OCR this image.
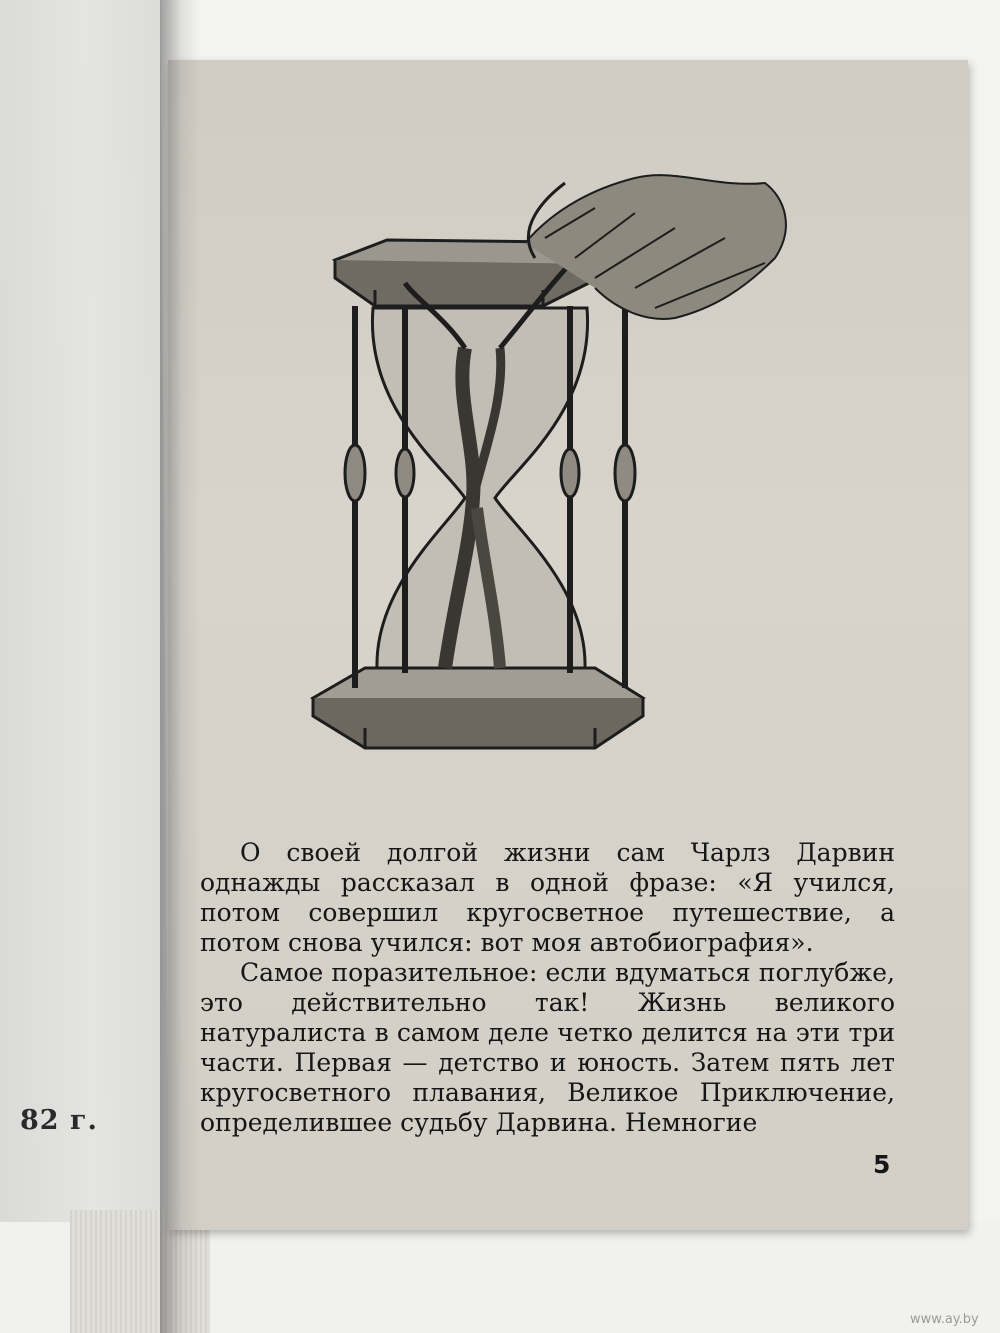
82 г.

О своей долгой жизни сам Чарлз Дарвин однажды рассказал в одной фразе: «Я учился, потом совершил кругосветное путешествие, а потом снова учился: вот моя автобиография».

Самое поразительное: если вдуматься поглубже, это действительно так! Жизнь великого натуралиста в самом деле четко делится на эти три части. Первая — детство и юность. Затем пять лет кругосветного плавания, Великое Приключение, определившее судьбу Дарвина. Немногие

5
www.ay.by
